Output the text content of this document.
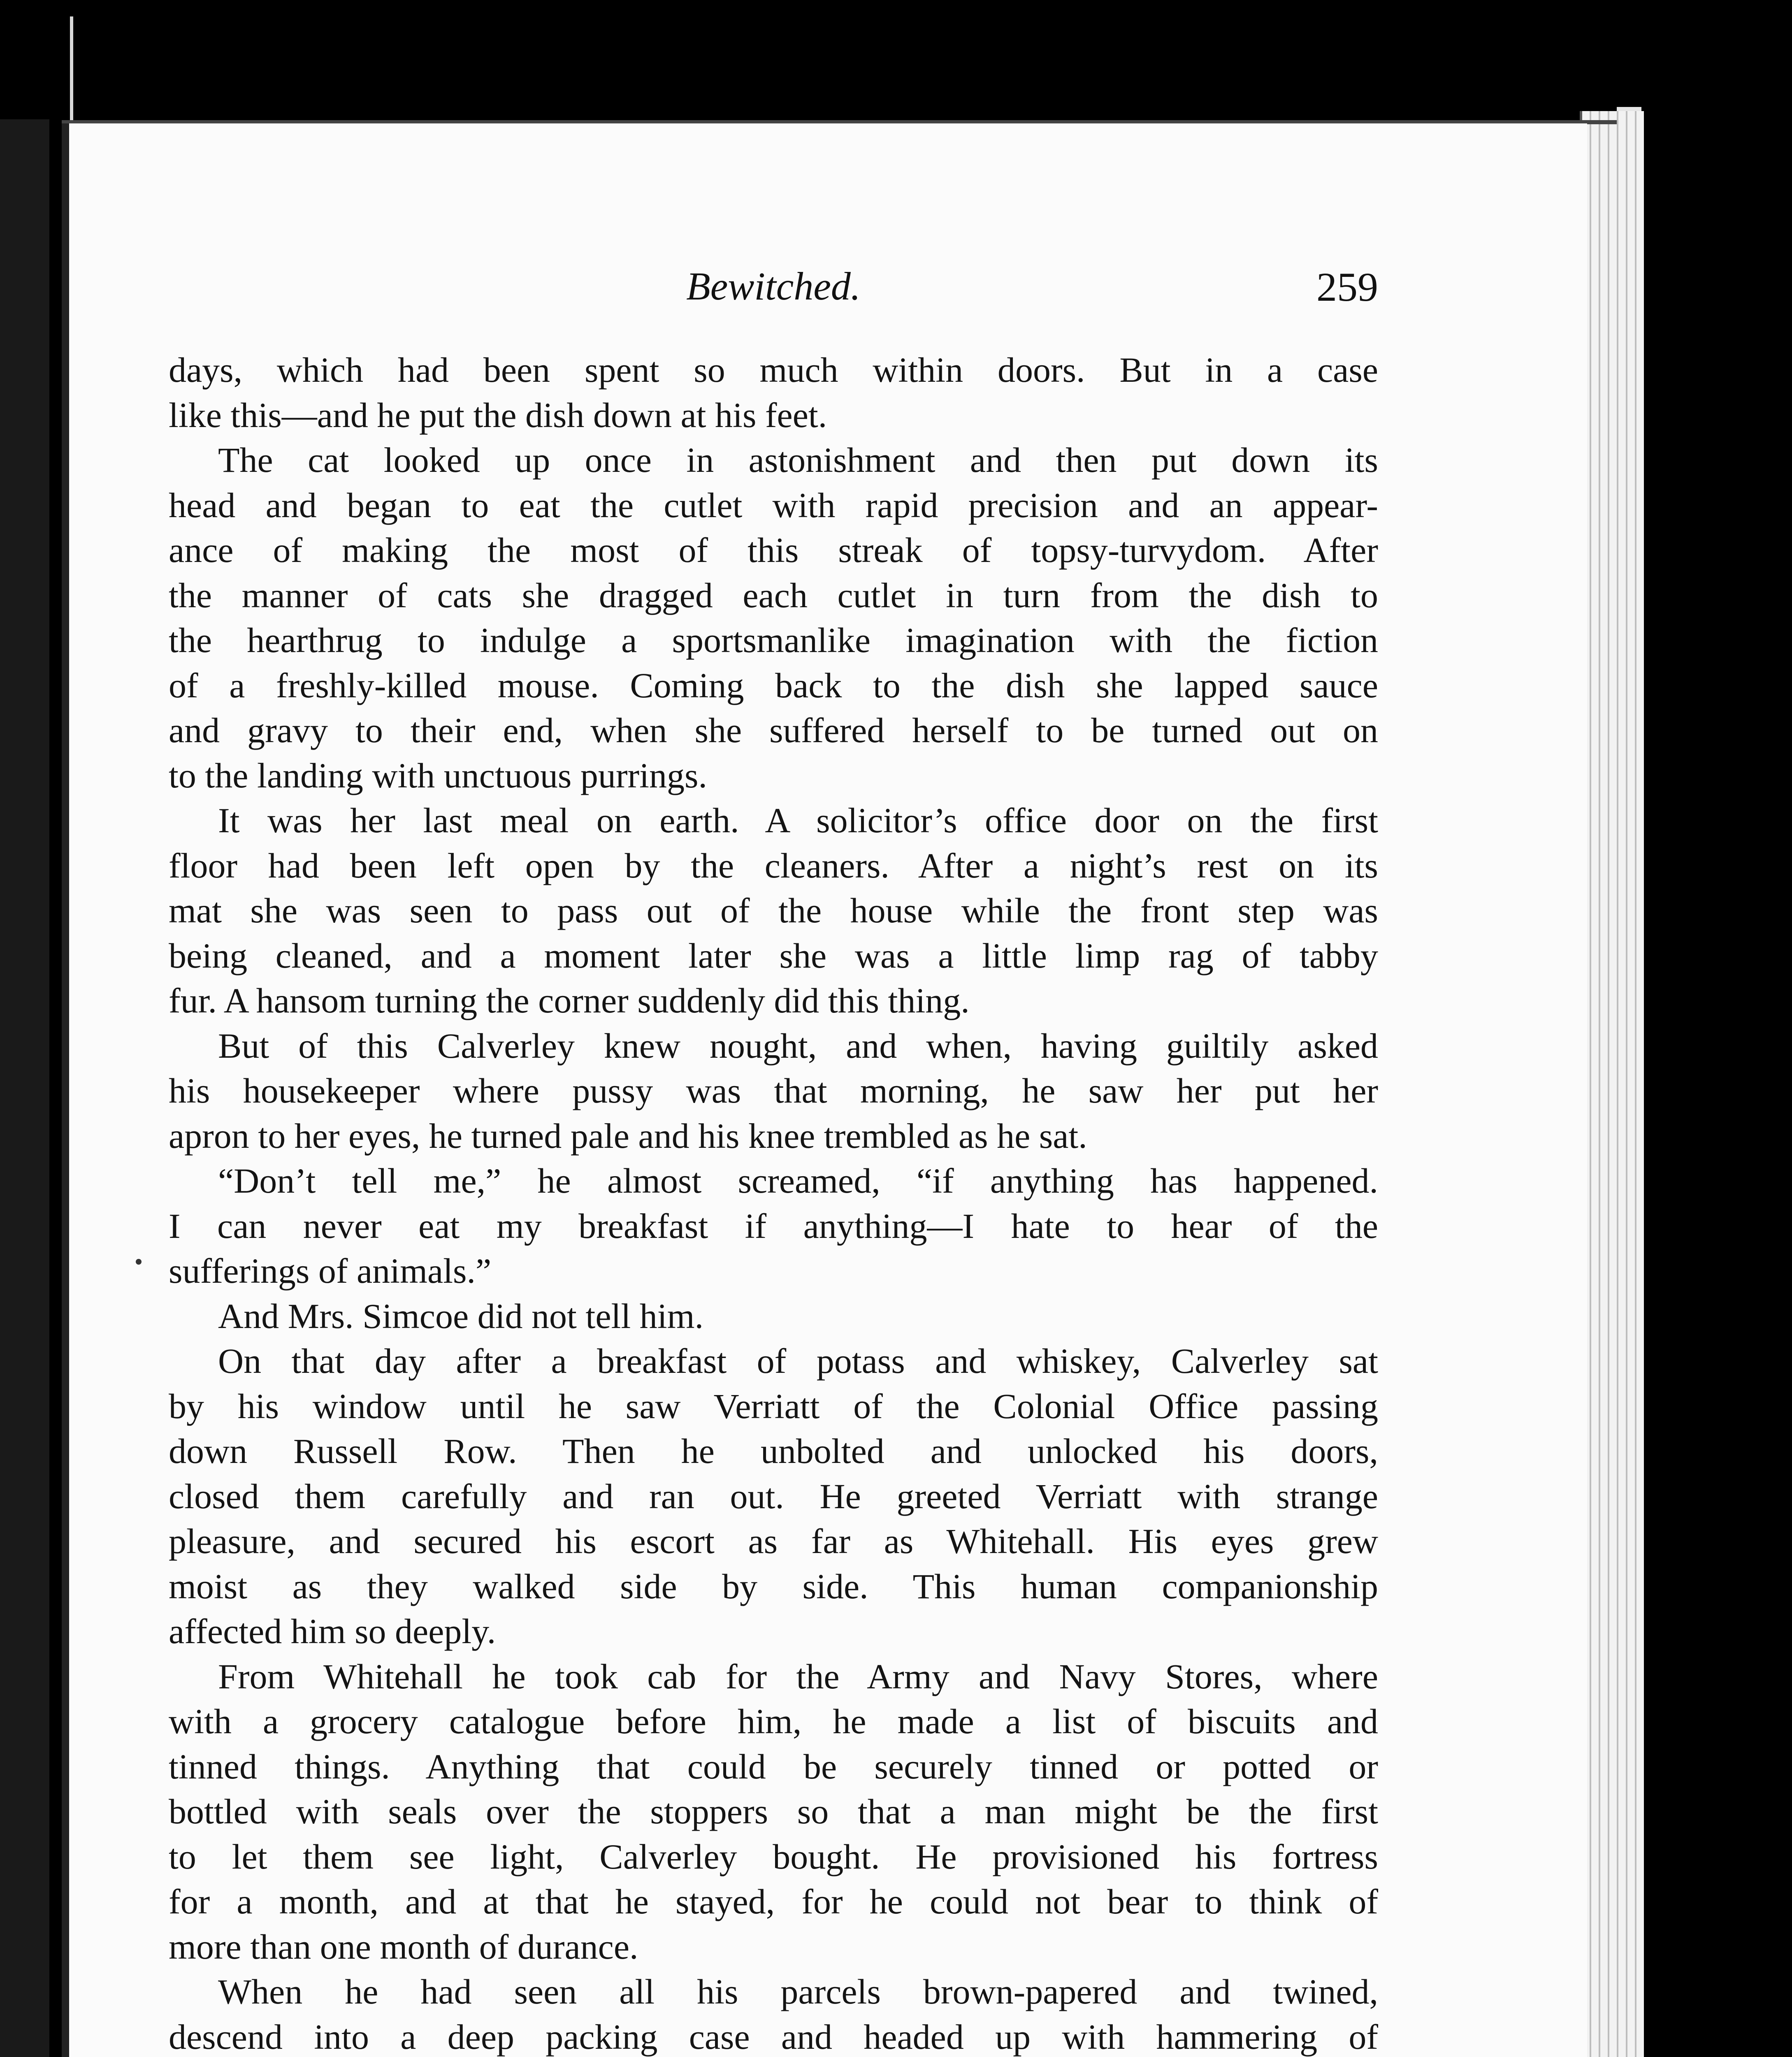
Bewitched.	259
days, which had been spent so much within doors. But in a case
like this—and he put the dish down at his feet.
The cat looked up once in astonishment and then put down its
head and began to eat the cutlet with rapid precision and an appear-
ance of making the most of this streak of topsy-turvydom. After
the manner of cats she dragged each cutlet in turn from the dish to
the hearthrug to indulge a sportsmanlike imagination with the fiction
of a freshly-killed mouse. Coming back to the dish she lapped sauce
and gravy to their end, when she suffered herself to be turned out on
to the landing with unctuous purrings.
It was her last meal on earth. A solicitor’s office door on the first
floor had been left open by the cleaners. After a night’s rest on its
mat she was seen to pass out of the house while the front step was
being cleaned, and a moment later she was a little limp rag of tabby
fur. A hansom turning the corner suddenly did this thing.
But of this Calverley knew nought, and when, having guiltily asked
his housekeeper where pussy was that morning, he saw her put her
apron to her eyes, he turned pale and his knee trembled as he sat.
“Don’t tell me,” he almost screamed, “if anything has happened.
I can never eat my breakfast if anything—I hate to hear of the
sufferings of animals.”
And Mrs. Simcoe did not tell him.
On that day after a breakfast of potass and whiskey, Calverley sat
by his window until he saw Verriatt of the Colonial Office passing
down Russell Row. Then he unbolted and unlocked his doors,
closed them carefully and ran out. He greeted Verriatt with strange
pleasure, and secured his escort as far as Whitehall. His eyes grew
moist as they walked side by side. This human companionship
affected him so deeply.
From Whitehall he took cab for the Army and Navy Stores, where
with a grocery catalogue before him, he made a list of biscuits and
tinned things. Anything that could be securely tinned or potted or
bottled with seals over the stoppers so that a man might be the first
to let them see light, Calverley bought. He provisioned his fortress
for a month, and at that he stayed, for he could not bear to think of
more than one month of durance.
When he had seen all his parcels brown-papered and twined,
descend into a deep packing case and headed up with hammering of
